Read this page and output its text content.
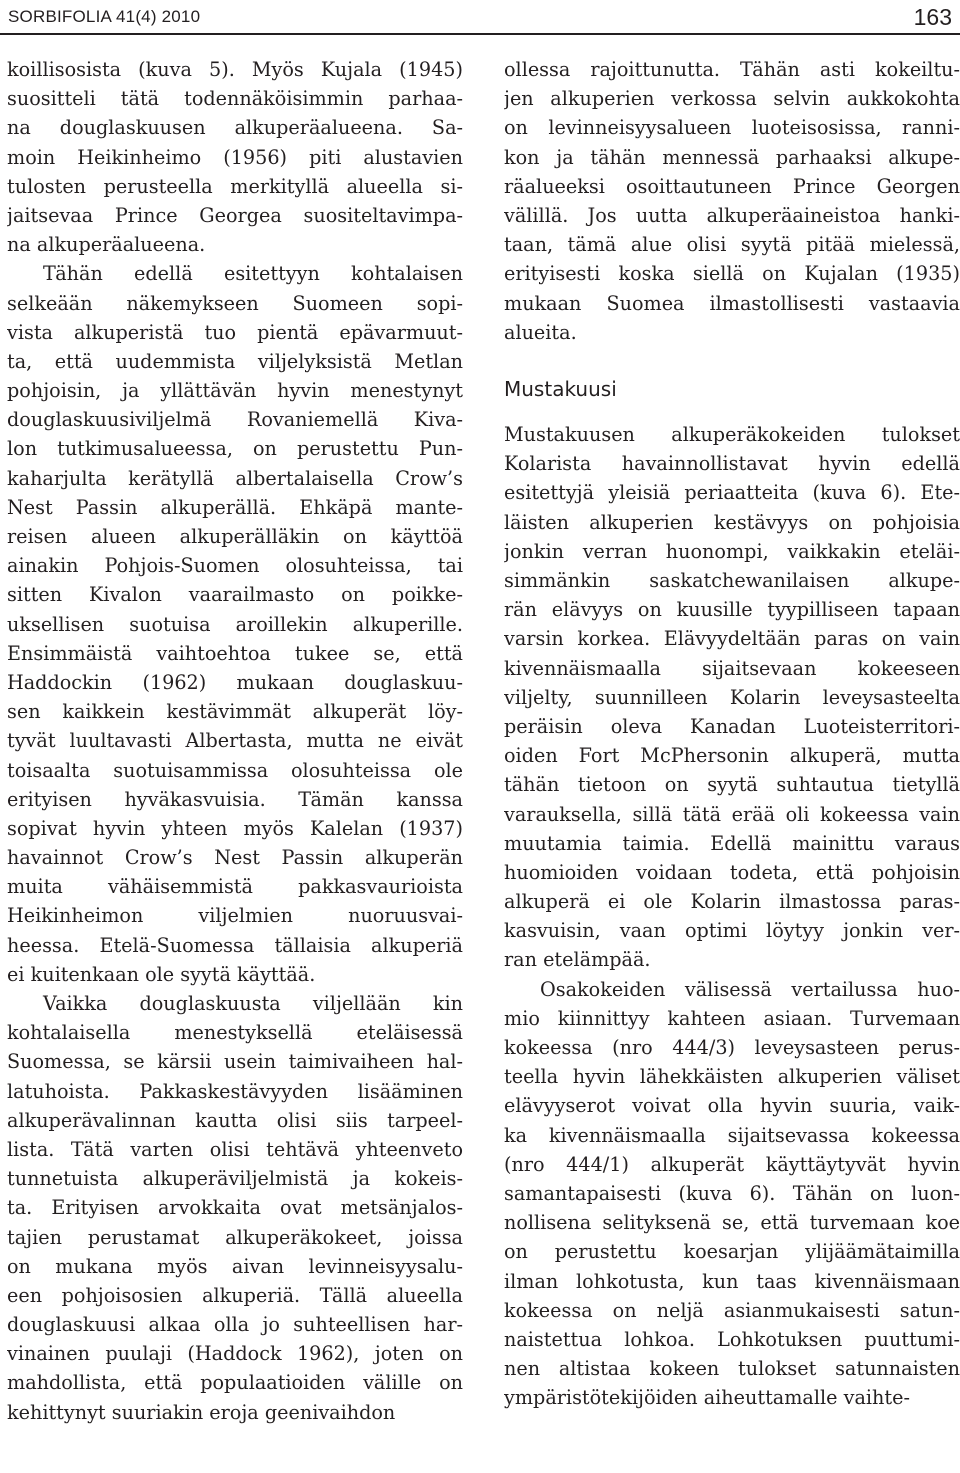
SORBIFOLIA 41(4) 2010	163
koillisosista (kuva 5). Myös Kujala (1945)
suositteli tätä todennäköisimmin parhaa-
na douglaskuusen alkuperäalueena. Sa-
moin Heikinheimo (1956) piti alustavien
tulosten perusteella merkityllä alueella si-
jaitsevaa Prince Georgea suositeltavimpa-
na alkuperäalueena.
Tähän edellä esitettyyn kohtalaisen
selkeään näkemykseen Suomeen sopi-
vista alkuperistä tuo pientä epävarmuut-
ta, että uudemmista viljelyksistä Metlan
pohjoisin, ja yllättävän hyvin menestynyt
douglaskuusiviljelmä Rovaniemellä Kiva-
lon tutkimusalueessa, on perustettu Pun-
kaharjulta kerätyllä albertalaisella Crow’s
Nest Passin alkuperällä. Ehkäpä mante-
reisen alueen alkuperälläkin on käyttöä
ainakin Pohjois-Suomen olosuhteissa, tai
sitten Kivalon vaarailmasto on poikke-
uksellisen suotuisa aroillekin alkuperille.
Ensimmäistä vaihtoehtoa tukee se, että
Haddockin (1962) mukaan douglaskuu-
sen kaikkein kestävimmät alkuperät löy-
tyvät luultavasti Albertasta, mutta ne eivät
toisaalta suotuisammissa olosuhteissa ole
erityisen hyväkasvuisia. Tämän kanssa
sopivat hyvin yhteen myös Kalelan (1937)
havainnot Crow’s Nest Passin alkuperän
muita vähäisemmistä pakkasvaurioista
Heikinheimon viljelmien nuoruusvai-
heessa. Etelä-Suomessa tällaisia alkuperiä
ei kuitenkaan ole syytä käyttää.
Vaikka douglaskuusta viljellään kin
kohtalaisella menestyksellä eteläisessä
Suomessa, se kärsii usein taimivaiheen hal-
latuhoista. Pakkaskestävyyden lisääminen
alkuperävalinnan kautta olisi siis tarpeel-
lista. Tätä varten olisi tehtävä yhteenveto
tunnetuista alkuperäviljelmistä ja kokeis-
ta. Erityisen arvokkaita ovat metsänjalos-
tajien perustamat alkuperäkokeet, joissa
on mukana myös aivan levinneisyysalu-
een pohjoisosien alkuperiä. Tällä alueella
douglaskuusi alkaa olla jo suhteellisen har-
vinainen puulaji (Haddock 1962), joten on
mahdollista, että populaatioiden välille on
kehittynyt suuriakin eroja geenivaihdon
ollessa rajoittunutta. Tähän asti kokeiltu-
jen alkuperien verkossa selvin aukkokohta
on levinneisyysalueen luoteisosissa, ranni-
kon ja tähän mennessä parhaaksi alkupe-
räalueeksi osoittautuneen Prince Georgen
välillä. Jos uutta alkuperäaineistoa hanki-
taan, tämä alue olisi syytä pitää mielessä,
erityisesti koska siellä on Kujalan (1935)
mukaan Suomea ilmastollisesti vastaavia
alueita.
Mustakuusi
Mustakuusen alkuperäkokeiden tulokset
Kolarista havainnollistavat hyvin edellä
esitettyjä yleisiä periaatteita (kuva 6). Ete-
läisten alkuperien kestävyys on pohjoisia
jonkin verran huonompi, vaikkakin eteläi-
simmänkin saskatchewanilaisen alkupe-
rän elävyys on kuusille tyypilliseen tapaan
varsin korkea. Elävyydeltään paras on vain
kivennäismaalla sijaitsevaan kokeeseen
viljelty, suunnilleen Kolarin leveysasteelta
peräisin oleva Kanadan Luoteisterritori-
oiden Fort McPhersonin alkuperä, mutta
tähän tietoon on syytä suhtautua tietyllä
varauksella, sillä tätä erää oli kokeessa vain
muutamia taimia. Edellä mainittu varaus
huomioiden voidaan todeta, että pohjoisin
alkuperä ei ole Kolarin ilmastossa paras-
kasvuisin, vaan optimi löytyy jonkin ver-
ran etelämpää.
Osakokeiden välisessä vertailussa huo-
mio kiinnittyy kahteen asiaan. Turvemaan
kokeessa (nro 444/3) leveysasteen perus-
teella hyvin lähekkäisten alkuperien väliset
elävyyserot voivat olla hyvin suuria, vaik-
ka kivennäismaalla sijaitsevassa kokeessa
(nro 444/1) alkuperät käyttäytyvät hyvin
samantapaisesti (kuva 6). Tähän on luon-
nollisena selityksenä se, että turvemaan koe
on perustettu koesarjan ylijäämätaimilla
ilman lohkotusta, kun taas kivennäismaan
kokeessa on neljä asianmukaisesti satun-
naistettua lohkoa. Lohkotuksen puuttumi-
nen altistaa kokeen tulokset satunnaisten
ympäristötekijöiden aiheuttamalle vaihte-
